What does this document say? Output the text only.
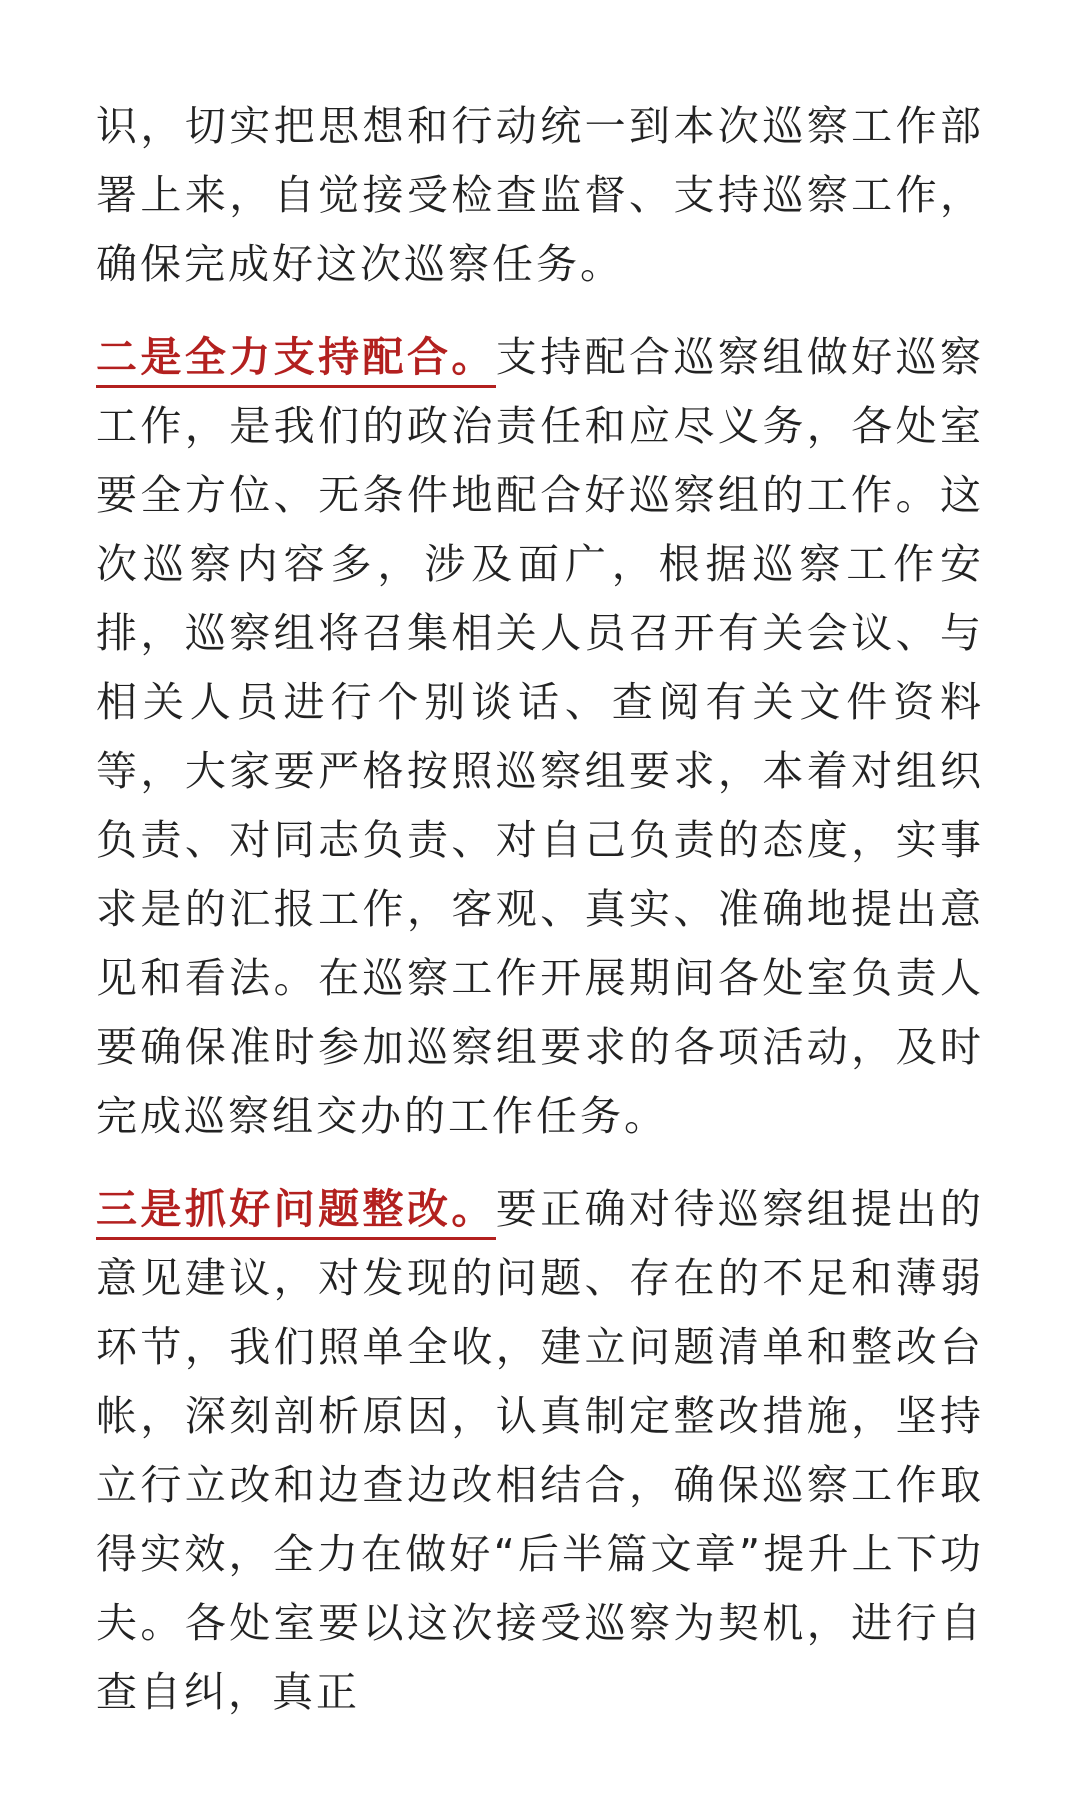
识，切实把思想和行动统一到本次巡察工作部署上来，自觉接受检查监督、支持巡察工作，确保完成好这次巡察任务。

二是全力支持配合。支持配合巡察组做好巡察工作，是我们的政治责任和应尽义务，各处室要全方位、无条件地配合好巡察组的工作。这次巡察内容多，涉及面广，根据巡察工作安排，巡察组将召集相关人员召开有关会议、与相关人员进行个别谈话、查阅有关文件资料等，大家要严格按照巡察组要求，本着对组织负责、对同志负责、对自己负责的态度，实事求是的汇报工作，客观、真实、准确地提出意见和看法。在巡察工作开展期间各处室负责人要确保准时参加巡察组要求的各项活动，及时完成巡察组交办的工作任务。

三是抓好问题整改。要正确对待巡察组提出的意见建议，对发现的问题、存在的不足和薄弱环节，我们照单全收，建立问题清单和整改台帐，深刻剖析原因，认真制定整改措施，坚持立行立改和边查边改相结合，确保巡察工作取得实效，全力在做好“后半篇文章”提升上下功夫。各处室要以这次接受巡察为契机，进行自查自纠，真正
